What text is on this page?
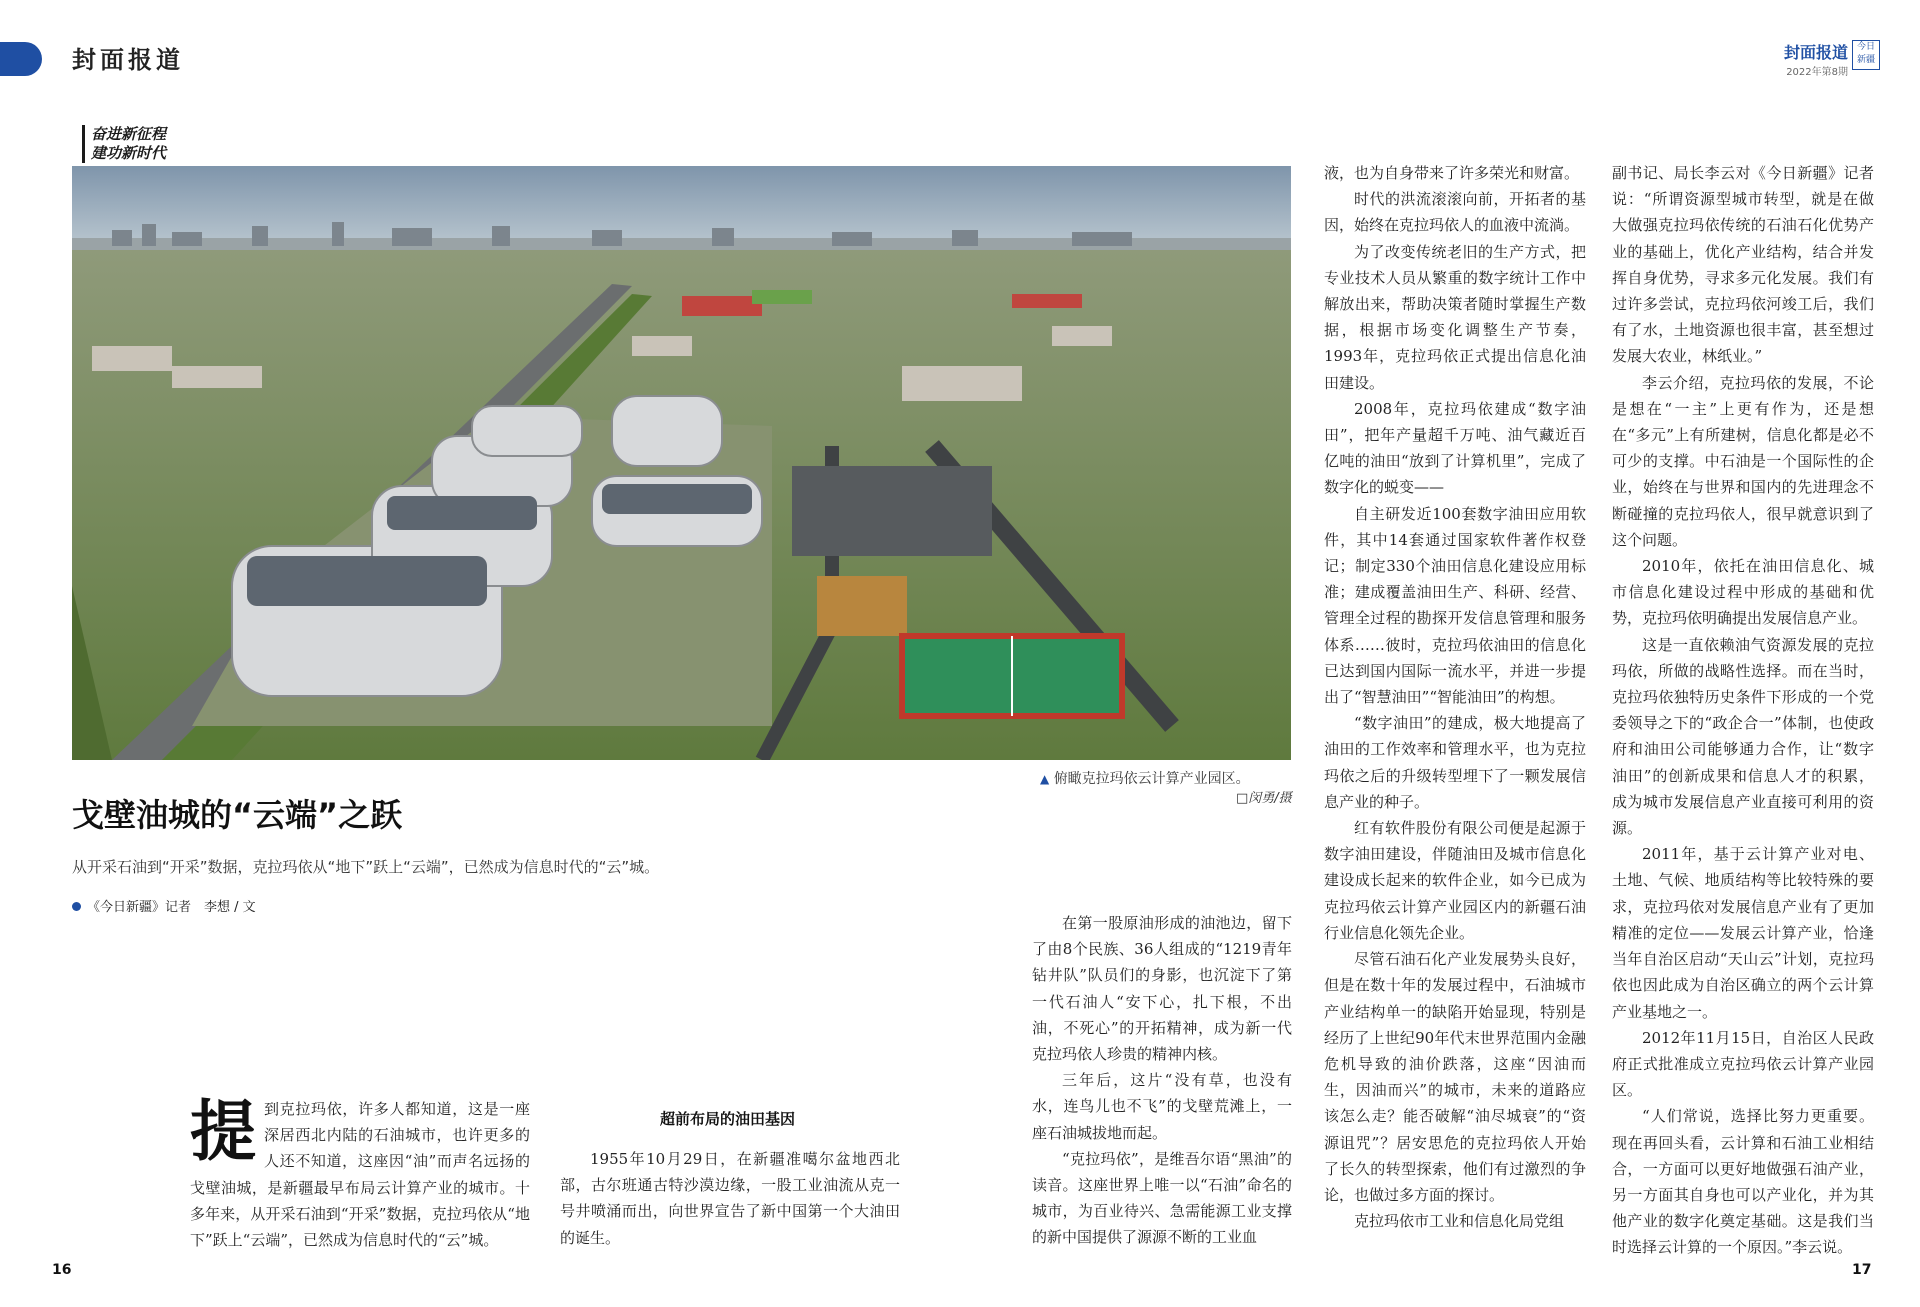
封面报道	封面报道
2022年第8期
今日新疆
奋进新征程
建功新时代
▲ 俯瞰克拉玛依云计算产业园区。
□闵勇/摄
戈壁油城的“云端”之跃
从开采石油到“开采”数据，克拉玛依从“地下”跃上“云端”，已然成为信息时代的“云”城。
《今日新疆》记者　李想 / 文

提到克拉玛依，许多人都知道，这是一座深居西北内陆的石油城市，也许更多的人还不知道，这座因“油”而声名远扬的戈壁油城，是新疆最早布局云计算产业的城市。十多年来，从开采石油到“开采”数据，克拉玛依从“地下”跃上“云端”，已然成为信息时代的“云”城。

超前布局的油田基因

1955年10月29日，在新疆准噶尔盆地西北部，古尔班通古特沙漠边缘，一股工业油流从克一号井喷涌而出，向世界宣告了新中国第一个大油田的诞生。

在第一股原油形成的油池边，留下了由8个民族、36人组成的“1219青年钻井队”队员们的身影，也沉淀下了第一代石油人“安下心，扎下根，不出油，不死心”的开拓精神，成为新一代克拉玛依人珍贵的精神内核。

三年后，这片“没有草，也没有水，连鸟儿也不飞”的戈壁荒滩上，一座石油城拔地而起。

“克拉玛依”，是维吾尔语“黑油”的读音。这座世界上唯一以“石油”命名的城市，为百业待兴、急需能源工业支撑的新中国提供了源源不断的工业血

液，也为自身带来了许多荣光和财富。

时代的洪流滚滚向前，开拓者的基因，始终在克拉玛依人的血液中流淌。

为了改变传统老旧的生产方式，把专业技术人员从繁重的数字统计工作中解放出来，帮助决策者随时掌握生产数据，根据市场变化调整生产节奏，1993年，克拉玛依正式提出信息化油田建设。

2008年，克拉玛依建成“数字油田”，把年产量超千万吨、油气藏近百亿吨的油田“放到了计算机里”，完成了数字化的蜕变——

自主研发近100套数字油田应用软件，其中14套通过国家软件著作权登记；制定330个油田信息化建设应用标准；建成覆盖油田生产、科研、经营、管理全过程的勘探开发信息管理和服务体系……彼时，克拉玛依油田的信息化已达到国内国际一流水平，并进一步提出了“智慧油田”“智能油田”的构想。

“数字油田”的建成，极大地提高了油田的工作效率和管理水平，也为克拉玛依之后的升级转型埋下了一颗发展信息产业的种子。

红有软件股份有限公司便是起源于数字油田建设，伴随油田及城市信息化建设成长起来的软件企业，如今已成为克拉玛依云计算产业园区内的新疆石油行业信息化领先企业。

尽管石油石化产业发展势头良好，但是在数十年的发展过程中，石油城市产业结构单一的缺陷开始显现，特别是经历了上世纪90年代末世界范围内金融危机导致的油价跌落，这座“因油而生，因油而兴”的城市，未来的道路应该怎么走？能否破解“油尽城衰”的“资源诅咒”？居安思危的克拉玛依人开始了长久的转型探索，他们有过激烈的争论，也做过多方面的探讨。

克拉玛依市工业和信息化局党组

副书记、局长李云对《今日新疆》记者说：“所谓资源型城市转型，就是在做大做强克拉玛依传统的石油石化优势产业的基础上，优化产业结构，结合并发挥自身优势，寻求多元化发展。我们有过许多尝试，克拉玛依河竣工后，我们有了水，土地资源也很丰富，甚至想过发展大农业，林纸业。”

李云介绍，克拉玛依的发展，不论是想在“一主”上更有作为，还是想在“多元”上有所建树，信息化都是必不可少的支撑。中石油是一个国际性的企业，始终在与世界和国内的先进理念不断碰撞的克拉玛依人，很早就意识到了这个问题。

2010年，依托在油田信息化、城市信息化建设过程中形成的基础和优势，克拉玛依明确提出发展信息产业。

这是一直依赖油气资源发展的克拉玛依，所做的战略性选择。而在当时，克拉玛依独特历史条件下形成的一个党委领导之下的“政企合一”体制，也使政府和油田公司能够通力合作，让“数字油田”的创新成果和信息人才的积累，成为城市发展信息产业直接可利用的资源。

2011年，基于云计算产业对电、土地、气候、地质结构等比较特殊的要求，克拉玛依对发展信息产业有了更加精准的定位——发展云计算产业，恰逢当年自治区启动“天山云”计划，克拉玛依也因此成为自治区确立的两个云计算产业基地之一。

2012年11月15日，自治区人民政府正式批准成立克拉玛依云计算产业园区。

“人们常说，选择比努力更重要。现在再回头看，云计算和石油工业相结合，一方面可以更好地做强石油产业，另一方面其自身也可以产业化，并为其他产业的数字化奠定基础。这是我们当时选择云计算的一个原因。”李云说。

16	17
